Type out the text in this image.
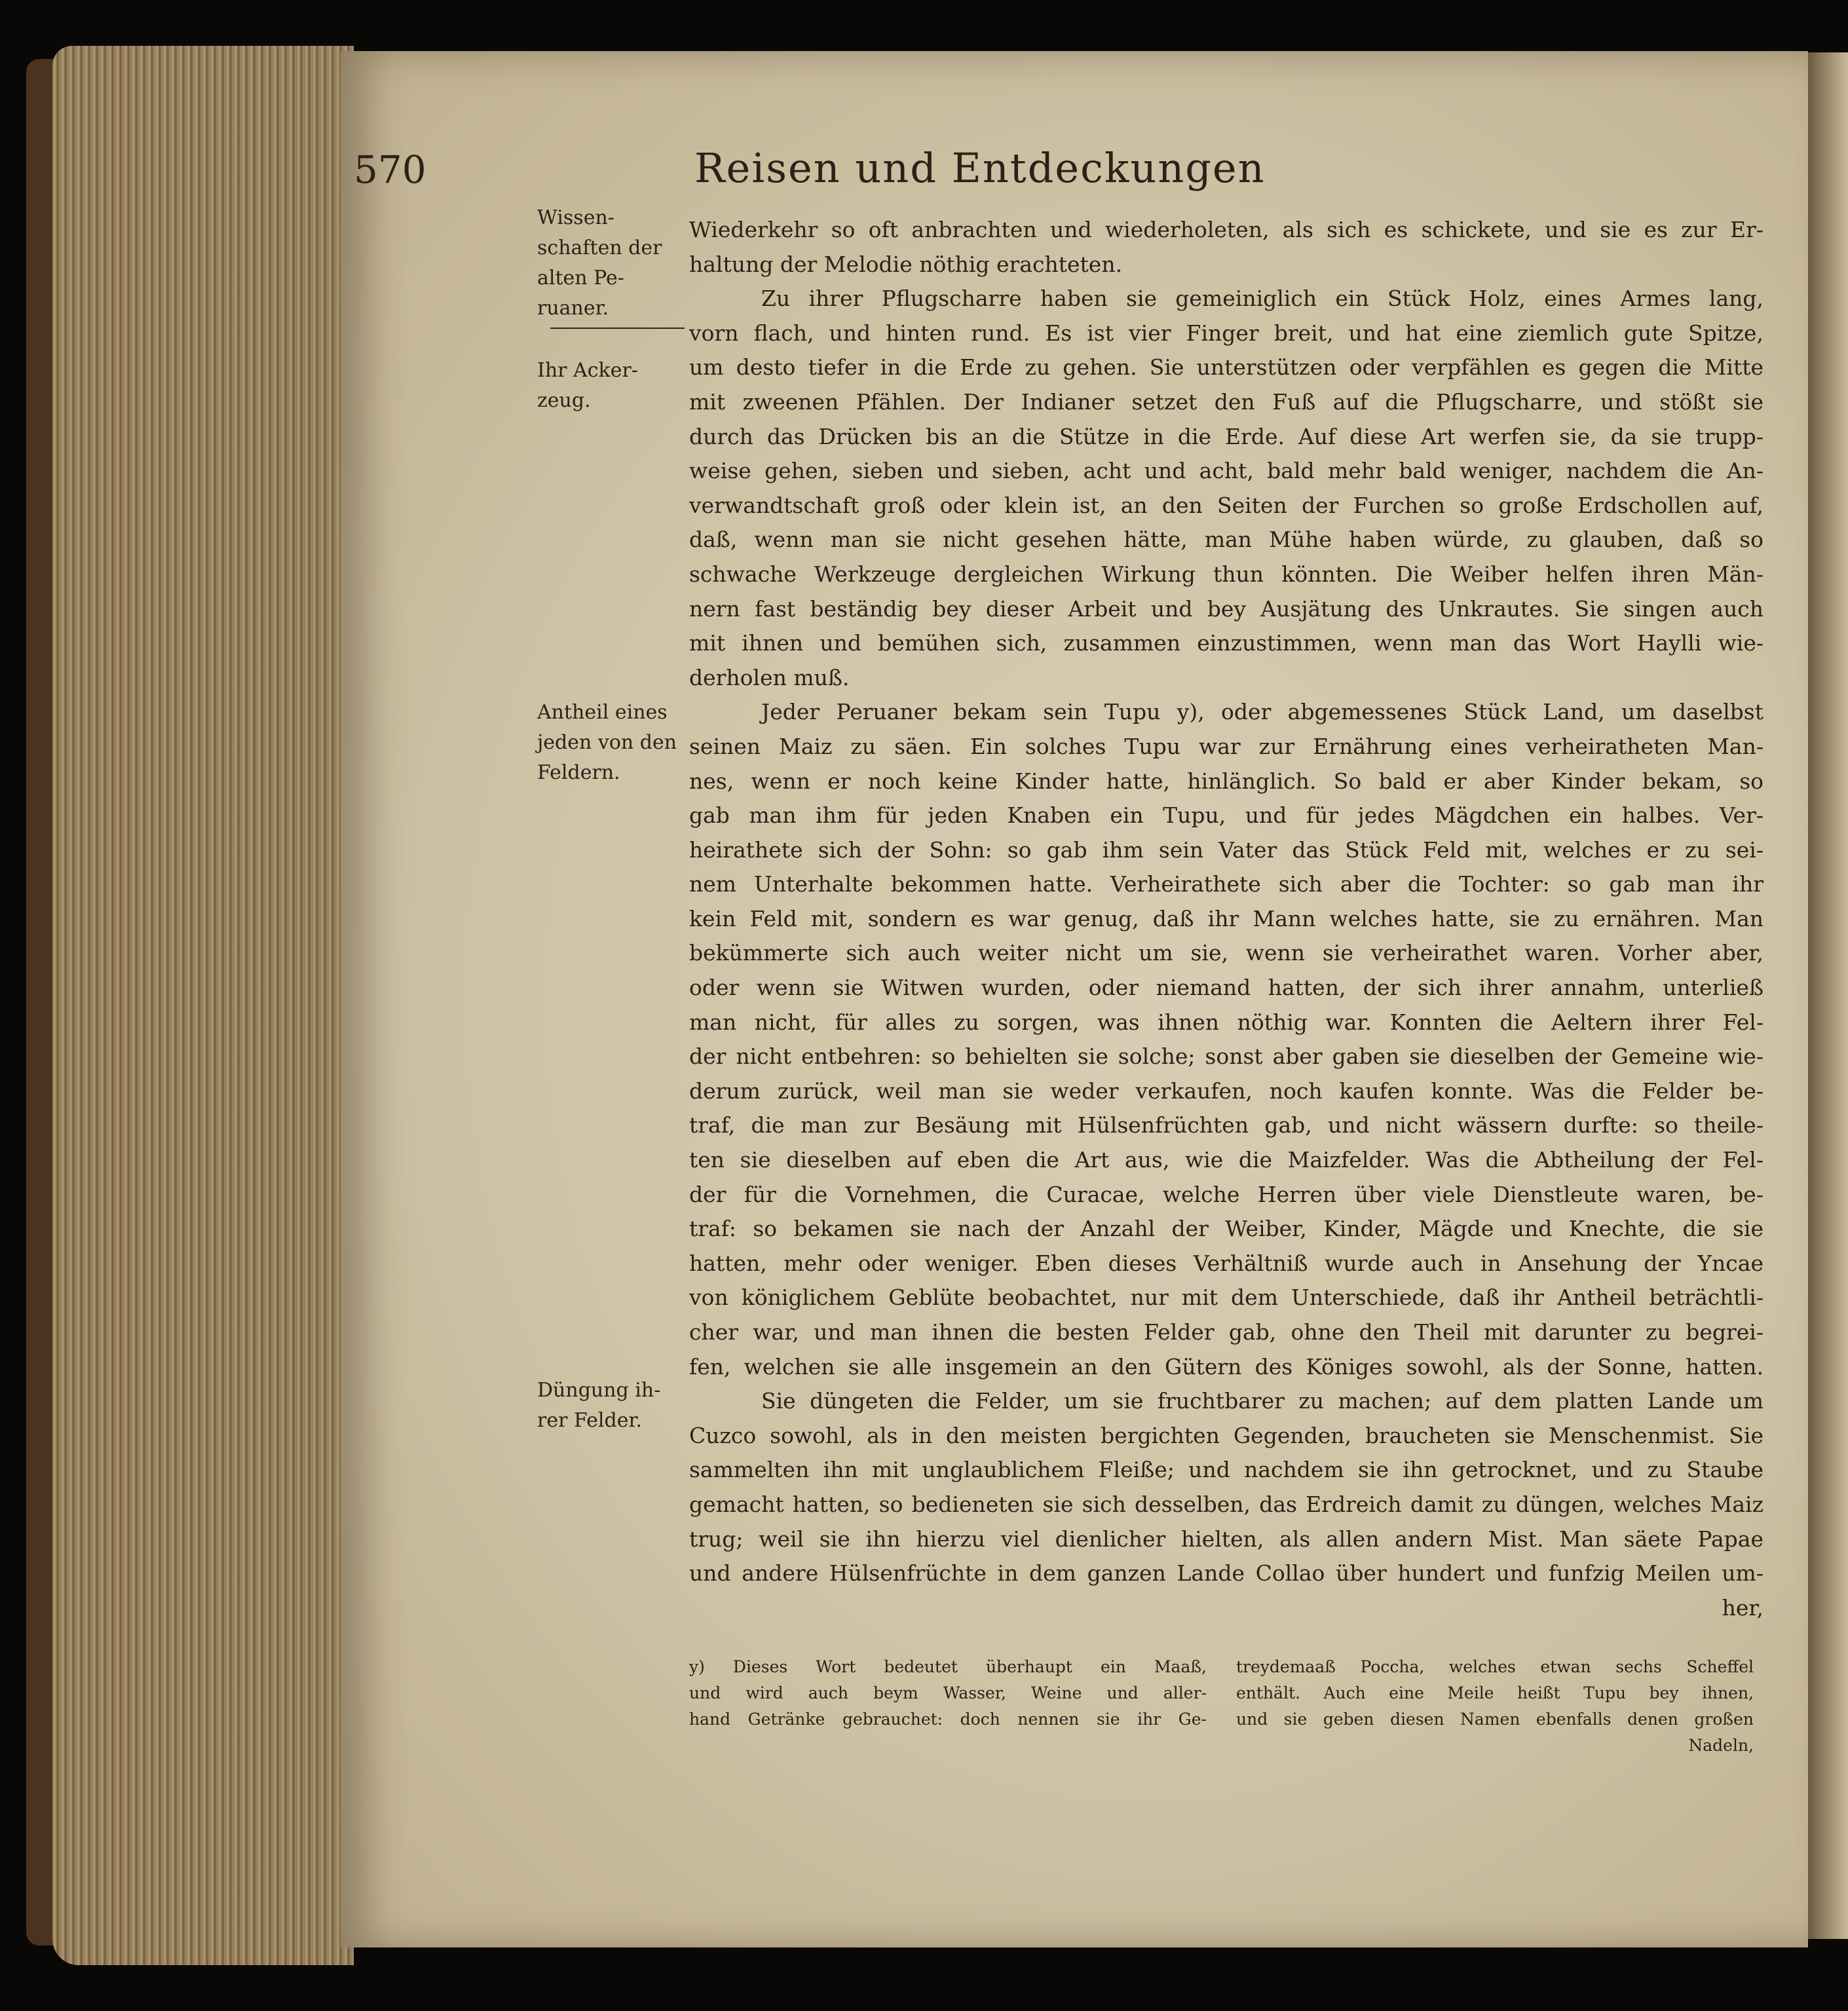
570	Reisen und Entdeckungen
Wissen-
schaften der
alten Pe-
ruaner.
Ihr Acker-
zeug.
Antheil eines
jeden von den
Feldern.
Düngung ih-
rer Felder.
Wiederkehr so oft anbrachten und wiederholeten, als sich es schickete, und sie es zur Er-
haltung der Melodie nöthig erachteten.
Zu ihrer Pflugscharre haben sie gemeiniglich ein Stück Holz, eines Armes lang,
vorn flach, und hinten rund. Es ist vier Finger breit, und hat eine ziemlich gute Spitze,
um desto tiefer in die Erde zu gehen. Sie unterstützen oder verpfählen es gegen die Mitte
mit zweenen Pfählen. Der Indianer setzet den Fuß auf die Pflugscharre, und stößt sie
durch das Drücken bis an die Stütze in die Erde. Auf diese Art werfen sie, da sie trupp-
weise gehen, sieben und sieben, acht und acht, bald mehr bald weniger, nachdem die An-
verwandtschaft groß oder klein ist, an den Seiten der Furchen so große Erdschollen auf,
daß, wenn man sie nicht gesehen hätte, man Mühe haben würde, zu glauben, daß so
schwache Werkzeuge dergleichen Wirkung thun könnten. Die Weiber helfen ihren Män-
nern fast beständig bey dieser Arbeit und bey Ausjätung des Unkrautes. Sie singen auch
mit ihnen und bemühen sich, zusammen einzustimmen, wenn man das Wort Haylli wie-
derholen muß.
Jeder Peruaner bekam sein Tupu y), oder abgemessenes Stück Land, um daselbst
seinen Maiz zu säen. Ein solches Tupu war zur Ernährung eines verheiratheten Man-
nes, wenn er noch keine Kinder hatte, hinlänglich. So bald er aber Kinder bekam, so
gab man ihm für jeden Knaben ein Tupu, und für jedes Mägdchen ein halbes. Ver-
heirathete sich der Sohn: so gab ihm sein Vater das Stück Feld mit, welches er zu sei-
nem Unterhalte bekommen hatte. Verheirathete sich aber die Tochter: so gab man ihr
kein Feld mit, sondern es war genug, daß ihr Mann welches hatte, sie zu ernähren. Man
bekümmerte sich auch weiter nicht um sie, wenn sie verheirathet waren. Vorher aber,
oder wenn sie Witwen wurden, oder niemand hatten, der sich ihrer annahm, unterließ
man nicht, für alles zu sorgen, was ihnen nöthig war. Konnten die Aeltern ihrer Fel-
der nicht entbehren: so behielten sie solche; sonst aber gaben sie dieselben der Gemeine wie-
derum zurück, weil man sie weder verkaufen, noch kaufen konnte. Was die Felder be-
traf, die man zur Besäung mit Hülsenfrüchten gab, und nicht wässern durfte: so theile-
ten sie dieselben auf eben die Art aus, wie die Maizfelder. Was die Abtheilung der Fel-
der für die Vornehmen, die Curacae, welche Herren über viele Dienstleute waren, be-
traf: so bekamen sie nach der Anzahl der Weiber, Kinder, Mägde und Knechte, die sie
hatten, mehr oder weniger. Eben dieses Verhältniß wurde auch in Ansehung der Yncae
von königlichem Geblüte beobachtet, nur mit dem Unterschiede, daß ihr Antheil beträchtli-
cher war, und man ihnen die besten Felder gab, ohne den Theil mit darunter zu begrei-
fen, welchen sie alle insgemein an den Gütern des Königes sowohl, als der Sonne, hatten.
Sie düngeten die Felder, um sie fruchtbarer zu machen; auf dem platten Lande um
Cuzco sowohl, als in den meisten bergichten Gegenden, braucheten sie Menschenmist. Sie
sammelten ihn mit unglaublichem Fleiße; und nachdem sie ihn getrocknet, und zu Staube
gemacht hatten, so bedieneten sie sich desselben, das Erdreich damit zu düngen, welches Maiz
trug; weil sie ihn hierzu viel dienlicher hielten, als allen andern Mist. Man säete Papae
und andere Hülsenfrüchte in dem ganzen Lande Collao über hundert und funfzig Meilen um-
her,
y) Dieses Wort bedeutet überhaupt ein Maaß,
und wird auch beym Wasser, Weine und aller-
hand Getränke gebrauchet: doch nennen sie ihr Ge-
treydemaaß Poccha, welches etwan sechs Scheffel
enthält. Auch eine Meile heißt Tupu bey ihnen,
und sie geben diesen Namen ebenfalls denen großen
Nadeln,
